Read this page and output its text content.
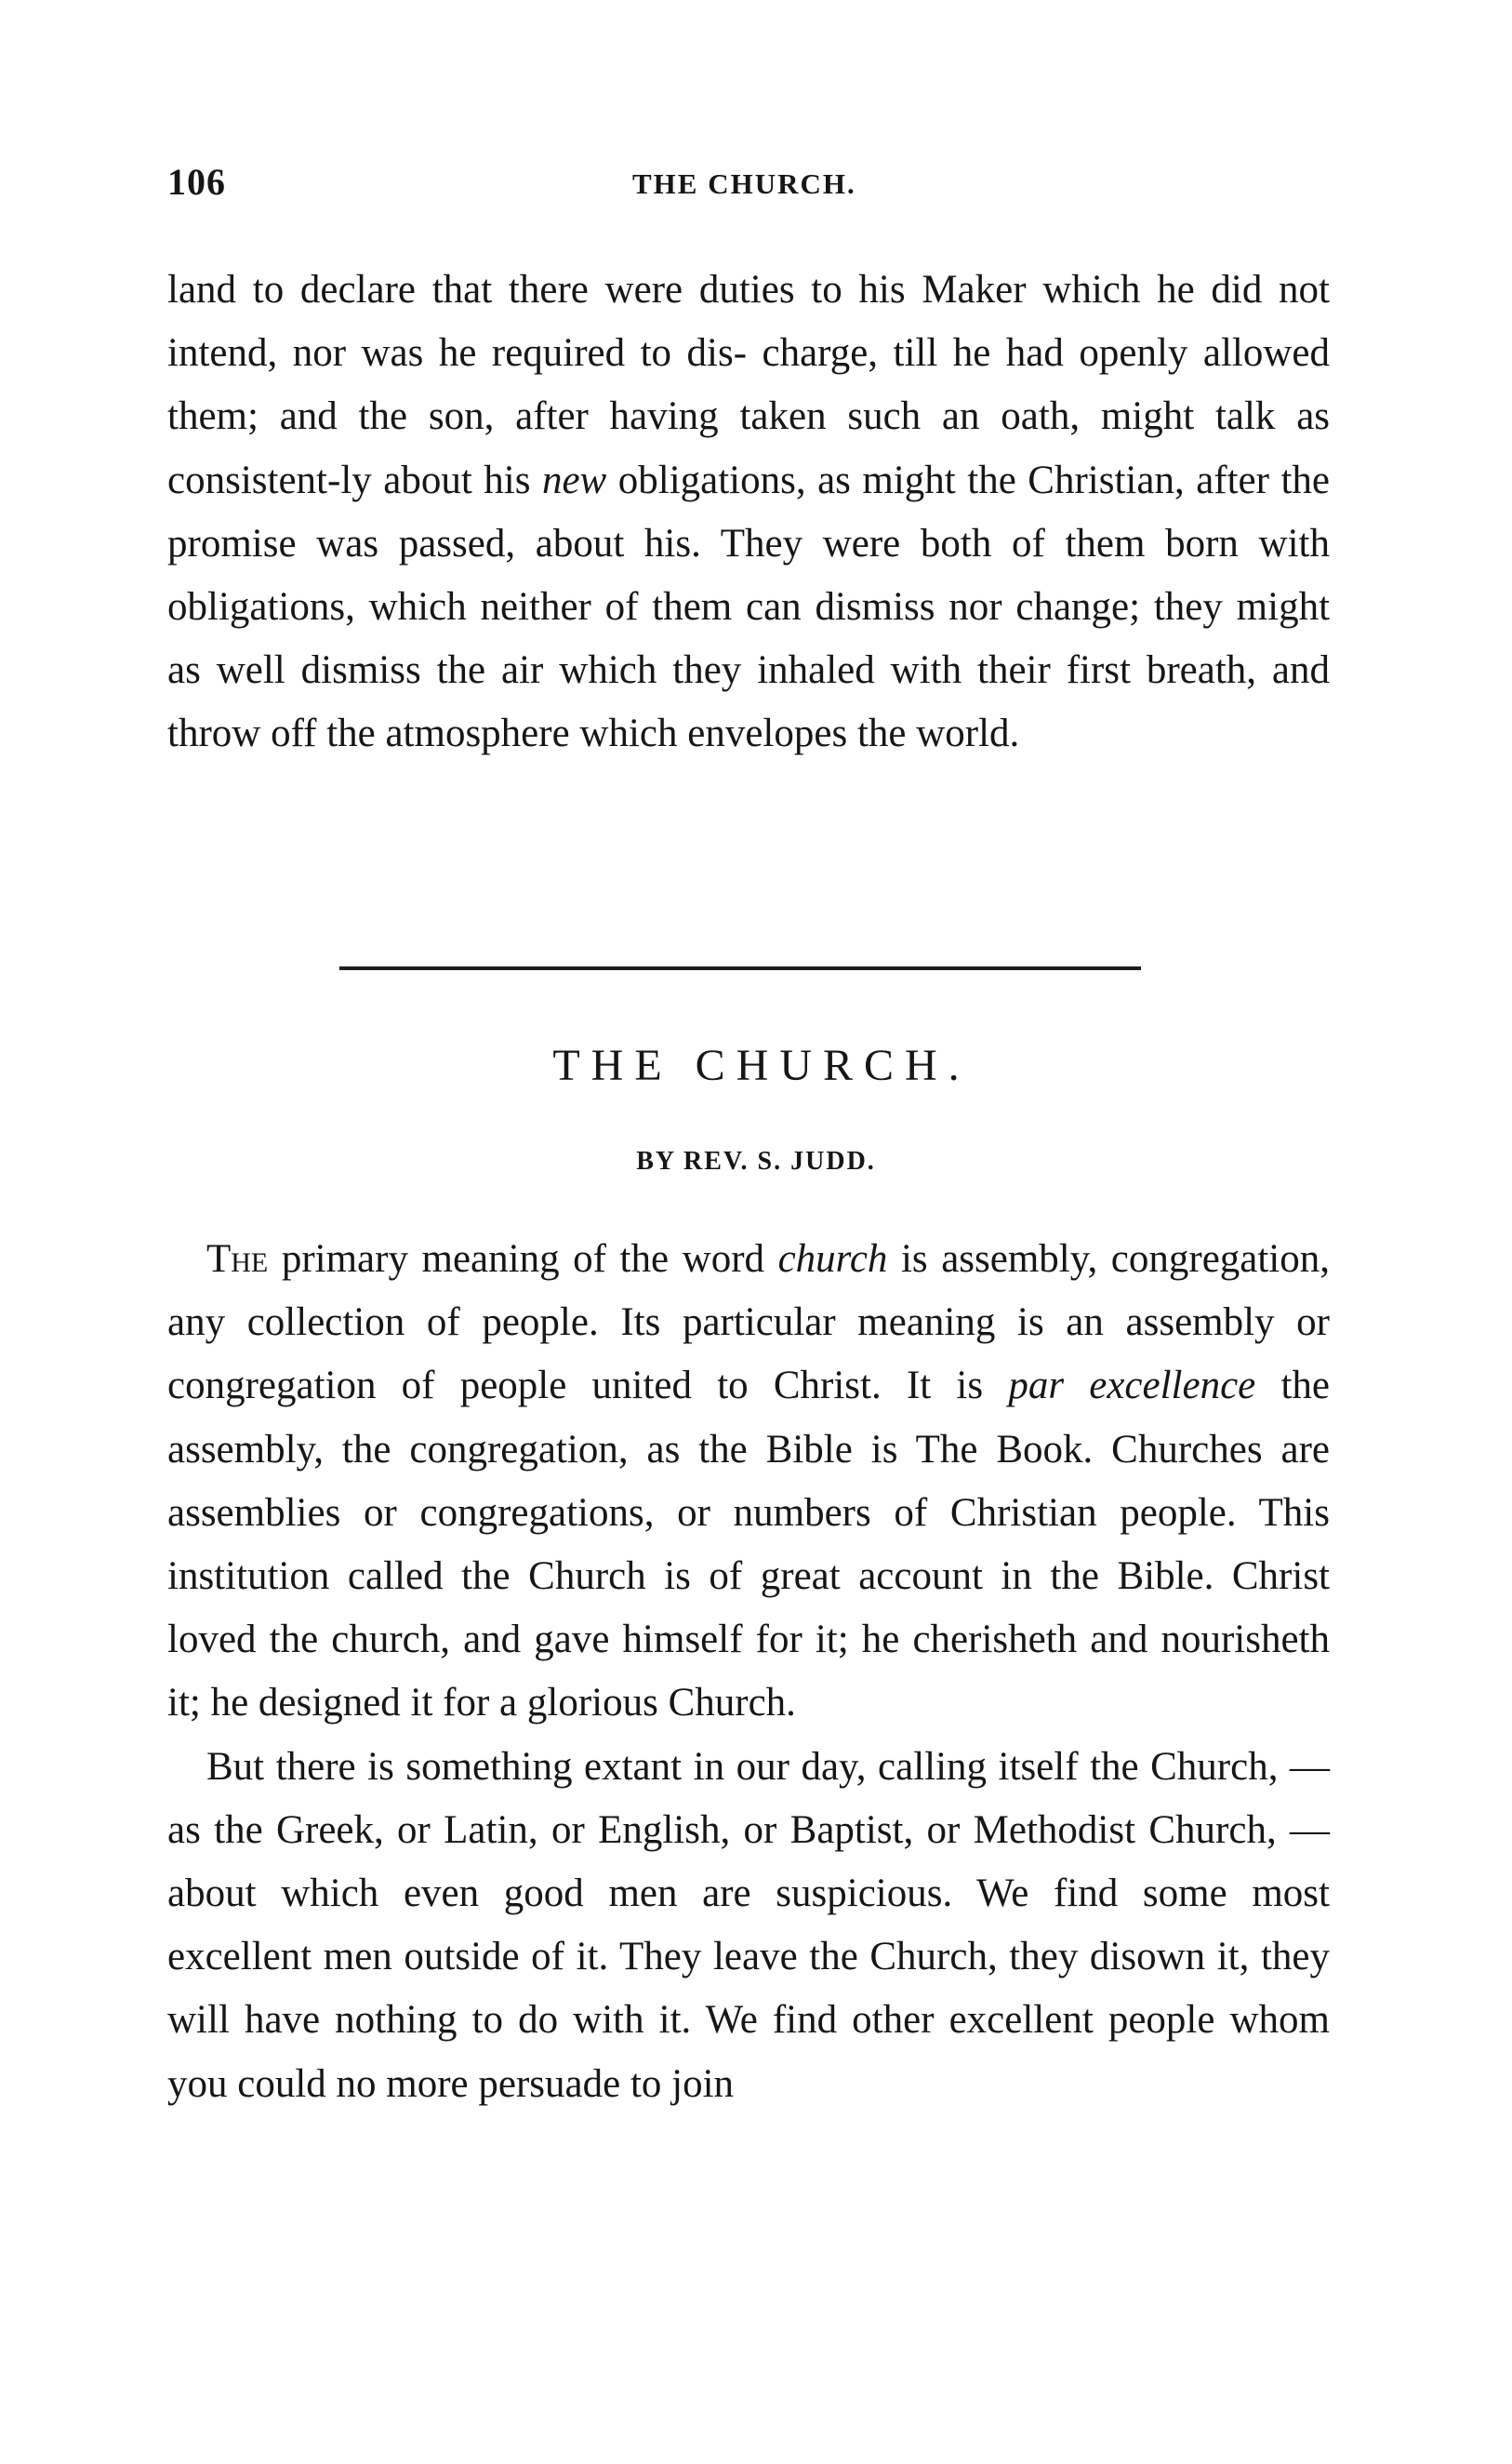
106	THE CHURCH.

land to declare that there were duties to his Maker which he did not intend, nor was he required to dis- charge, till he had openly allowed them; and the son, after having taken such an oath, might talk as consistent-ly about his new obligations, as might the Christian, after the promise was passed, about his. They were both of them born with obligations, which neither of them can dismiss nor change; they might as well dismiss the air which they inhaled with their first breath, and throw off the atmosphere which envelopes the world.

THE CHURCH.
BY REV. S. JUDD.

The primary meaning of the word church is assembly, congregation, any collection of people. Its particular meaning is an assembly or congregation of people united to Christ. It is par excellence the assembly, the congregation, as the Bible is The Book. Churches are assemblies or congregations, or numbers of Christian people. This institution called the Church is of great account in the Bible. Christ loved the church, and gave himself for it; he cherisheth and nourisheth it; he designed it for a glorious Church.

But there is something extant in our day, calling itself the Church, — as the Greek, or Latin, or English, or Baptist, or Methodist Church, — about which even good men are suspicious. We find some most excellent men outside of it. They leave the Church, they disown it, they will have nothing to do with it. We find other excellent people whom you could no more persuade to join
